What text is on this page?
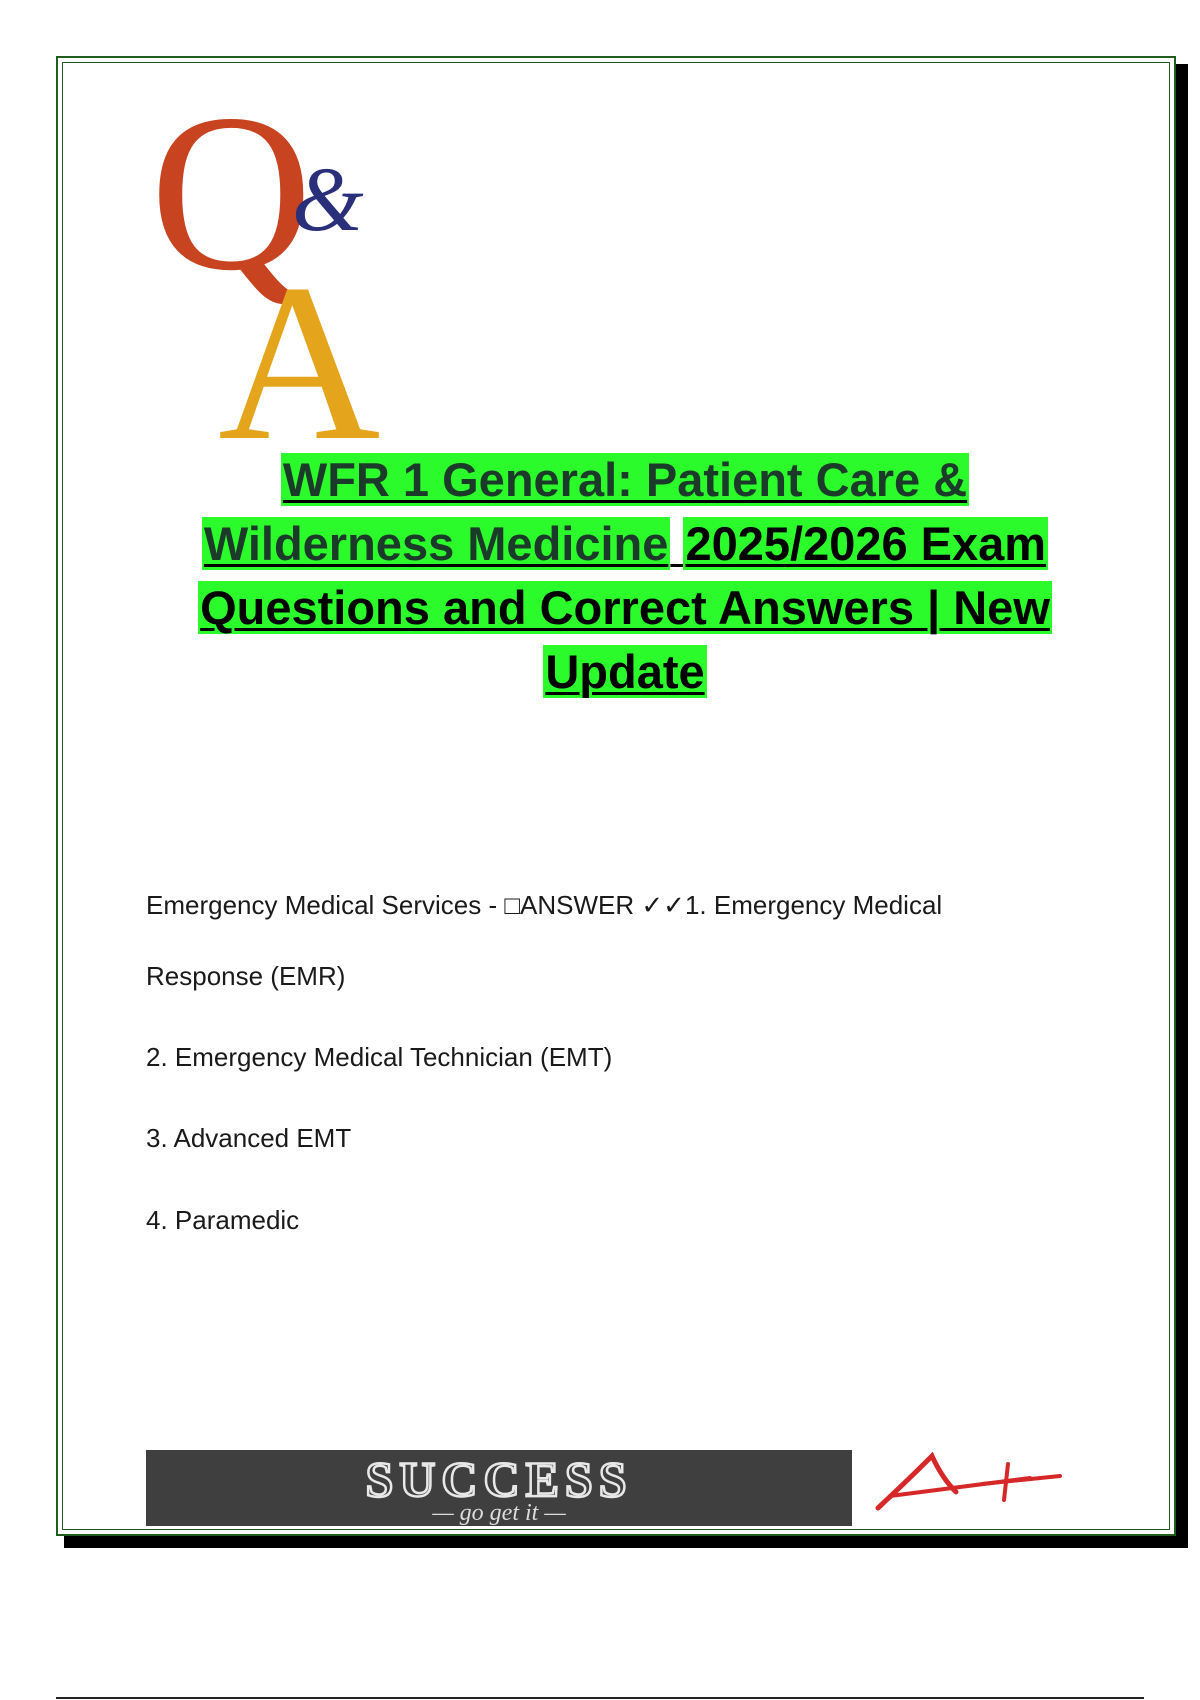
Q
&
A
WFR 1 General: Patient Care &
Wilderness Medicine 2025/2026 Exam
Questions and Correct Answers | New
Update
Emergency Medical Services - □ANSWER ✓✓1. Emergency Medical
Response (EMR)
2. Emergency Medical Technician (EMT)
3. Advanced EMT
4. Paramedic
SUCCESS
— go get it —
